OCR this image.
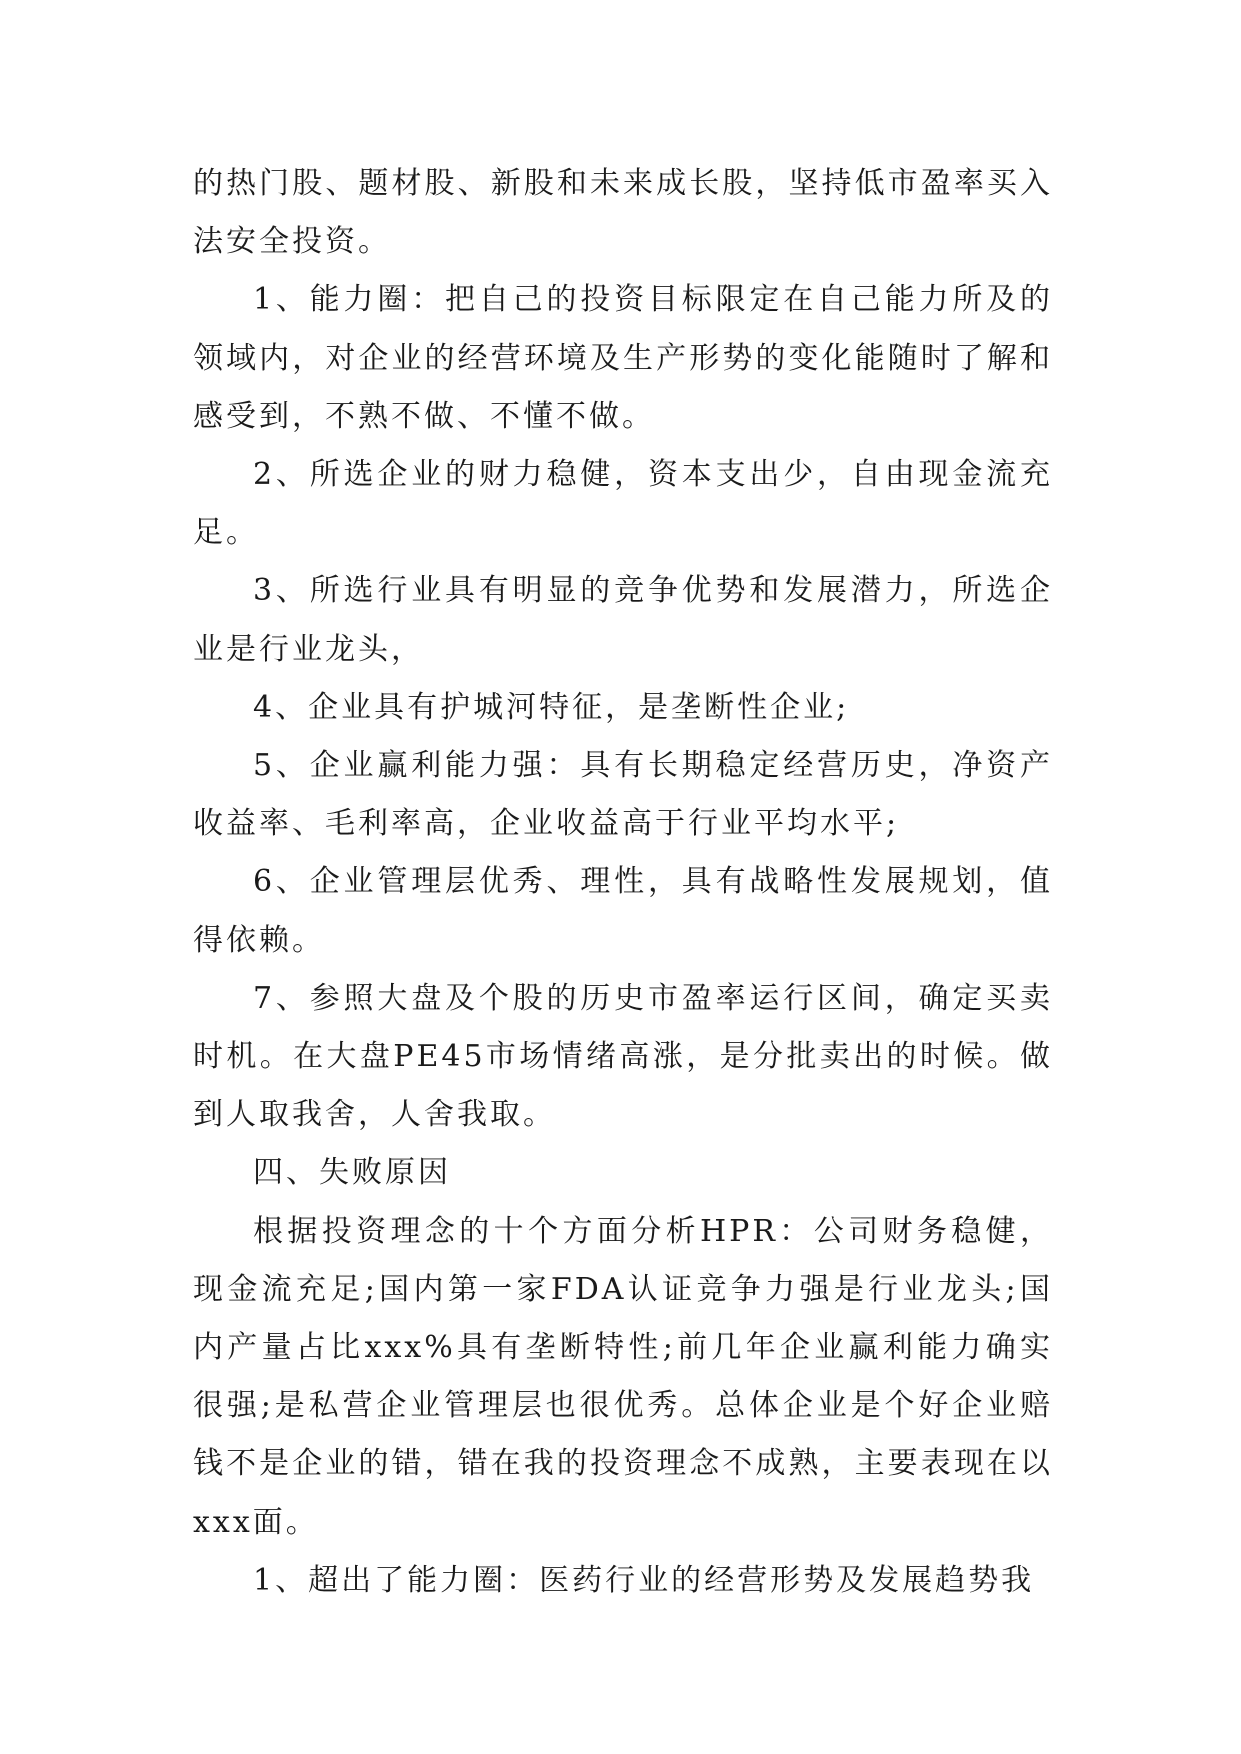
的热门股、题材股、新股和未来成长股，坚持低市盈率买入法安全投资。

1、能力圈：把自己的投资目标限定在自己能力所及的领域内，对企业的经营环境及生产形势的变化能随时了解和感受到，不熟不做、不懂不做。

2、所选企业的财力稳健，资本支出少，自由现金流充足。

3、所选行业具有明显的竞争优势和发展潜力，所选企业是行业龙头，

4、企业具有护城河特征，是垄断性企业;

5、企业赢利能力强：具有长期稳定经营历史，净资产收益率、毛利率高，企业收益高于行业平均水平;

6、企业管理层优秀、理性，具有战略性发展规划，值得依赖。

7、参照大盘及个股的历史市盈率运行区间，确定买卖时机。在大盘PE45市场情绪高涨，是分批卖出的时候。做到人取我舍，人舍我取。

四、失败原因

根据投资理念的十个方面分析HPR：公司财务稳健，现金流充足;国内第一家FDA认证竞争力强是行业龙头;国内产量占比xxx%具有垄断特性;前几年企业赢利能力确实很强;是私营企业管理层也很优秀。总体企业是个好企业赔钱不是企业的错，错在我的投资理念不成熟，主要表现在以xxx面。

1、超出了能力圈：医药行业的经营形势及发展趋势我
